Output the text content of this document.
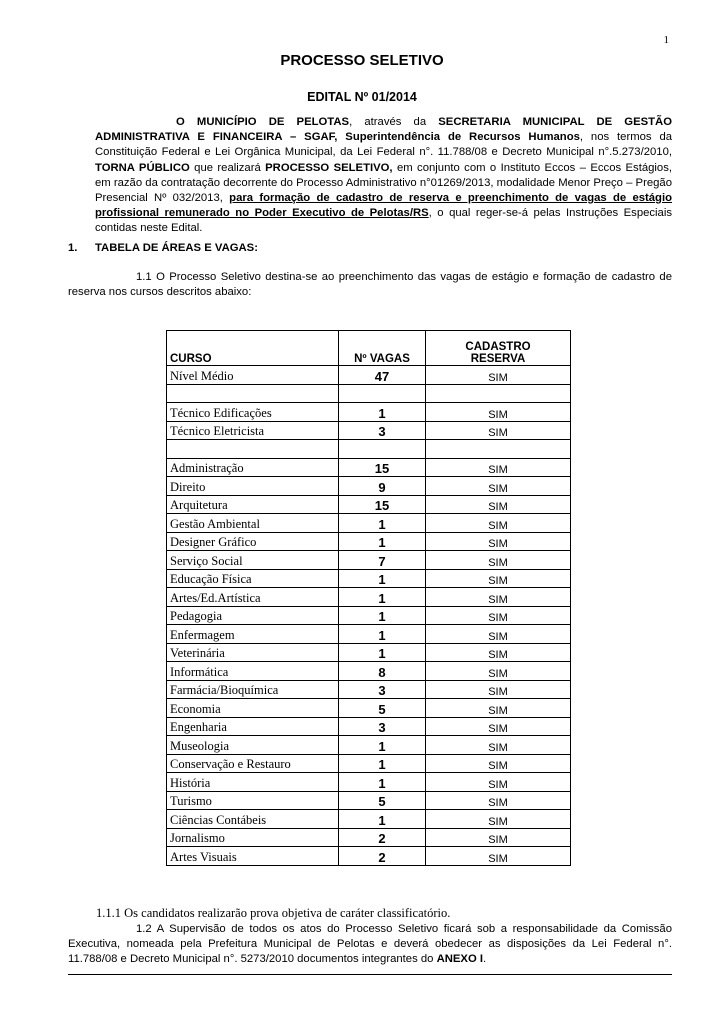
1
PROCESSO SELETIVO
EDITAL Nº 01/2014
O MUNICÍPIO DE PELOTAS, através da SECRETARIA MUNICIPAL DE GESTÃO ADMINISTRATIVA E FINANCEIRA – SGAF, Superintendência de Recursos Humanos, nos termos da Constituição Federal e Lei Orgânica Municipal, da Lei Federal n°. 11.788/08 e Decreto Municipal n°.5.273/2010, TORNA PÚBLICO que realizará PROCESSO SELETIVO, em conjunto com o Instituto Eccos – Eccos Estágios, em razão da contratação decorrente do Processo Administrativo n°01269/2013, modalidade Menor Preço – Pregão Presencial Nº 032/2013, para formação de cadastro de reserva e preenchimento de vagas de estágio profissional remunerado no Poder Executivo de Pelotas/RS, o qual reger-se-á pelas Instruções Especiais contidas neste Edital.
1. TABELA DE ÁREAS E VAGAS:
1.1 O Processo Seletivo destina-se ao preenchimento das vagas de estágio e formação de cadastro de reserva nos cursos descritos abaixo:
CURSO	Nº VAGAS	CADASTRO
RESERVA
Nível Médio	47	SIM

Técnico Edificações	1	SIM
Técnico Eletricista	3	SIM

Administração	15	SIM
Direito	9	SIM
Arquitetura	15	SIM
Gestão Ambiental	1	SIM
Designer Gráfico	1	SIM
Serviço Social	7	SIM
Educação Física	1	SIM
Artes/Ed.Artística	1	SIM
Pedagogia	1	SIM
Enfermagem	1	SIM
Veterinária	1	SIM
Informática	8	SIM
Farmácia/Bioquímica	3	SIM
Economia	5	SIM
Engenharia	3	SIM
Museologia	1	SIM
Conservação e Restauro	1	SIM
História	1	SIM
Turismo	5	SIM
Ciências Contábeis	1	SIM
Jornalismo	2	SIM
Artes Visuais	2	SIM
1.1.1 Os candidatos realizarão prova objetiva de caráter classificatório.
1.2 A Supervisão de todos os atos do Processo Seletivo ficará sob a responsabilidade da Comissão Executiva, nomeada pela Prefeitura Municipal de Pelotas e deverá obedecer as disposições da Lei Federal n°. 11.788/08 e Decreto Municipal n°. 5273/2010 documentos integrantes do ANEXO I.
